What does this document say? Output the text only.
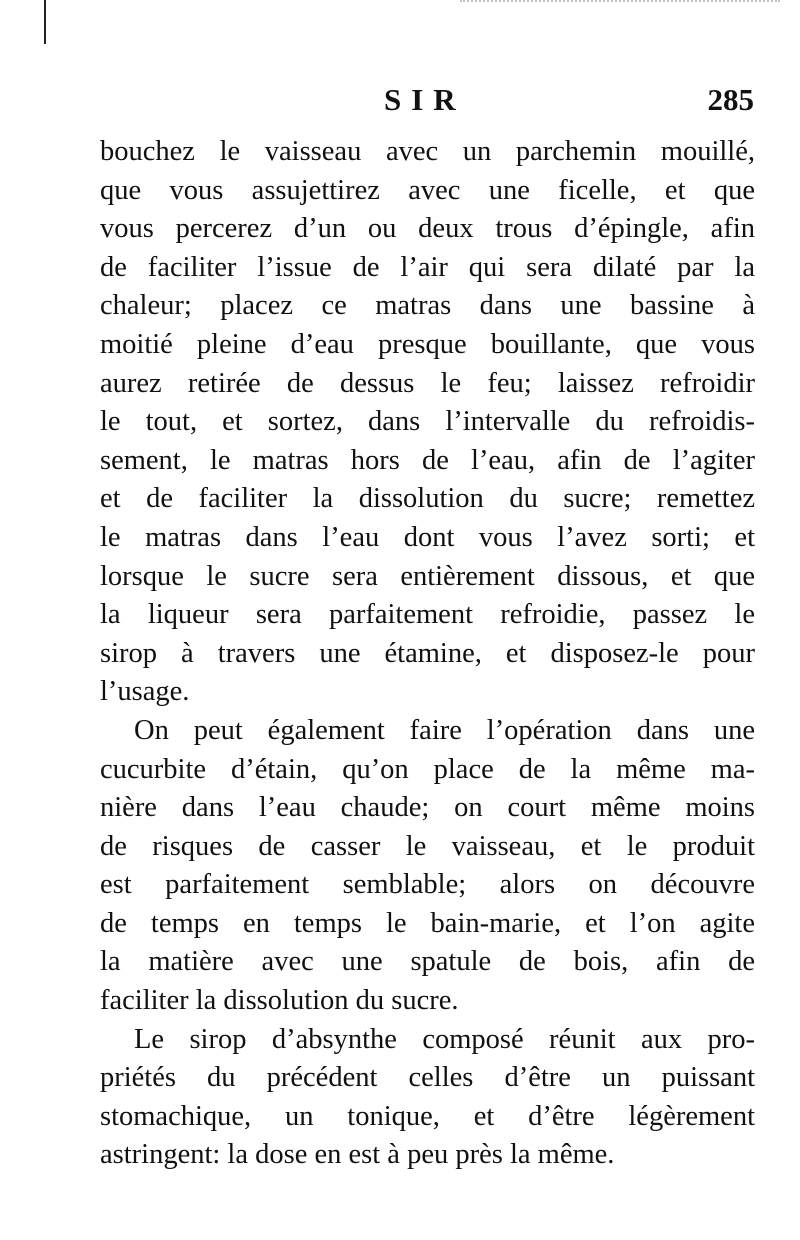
SIR	285
bouchez le vaisseau avec un parchemin mouillé,
que vous assujettirez avec une ficelle, et que
vous percerez d’un ou deux trous d’épingle, afin
de faciliter l’issue de l’air qui sera dilaté par la
chaleur; placez ce matras dans une bassine à
moitié pleine d’eau presque bouillante, que vous
aurez retirée de dessus le feu; laissez refroidir
le tout, et sortez, dans l’intervalle du refroidis-
sement, le matras hors de l’eau, afin de l’agiter
et de faciliter la dissolution du sucre; remettez
le matras dans l’eau dont vous l’avez sorti; et
lorsque le sucre sera entièrement dissous, et que
la liqueur sera parfaitement refroidie, passez le
sirop à travers une étamine, et disposez-le pour
l’usage.
On peut également faire l’opération dans une
cucurbite d’étain, qu’on place de la même ma-
nière dans l’eau chaude; on court même moins
de risques de casser le vaisseau, et le produit
est parfaitement semblable; alors on découvre
de temps en temps le bain-marie, et l’on agite
la matière avec une spatule de bois, afin de
faciliter la dissolution du sucre.
Le sirop d’absynthe composé réunit aux pro-
priétés du précédent celles d’être un puissant
stomachique, un tonique, et d’être légèrement
astringent: la dose en est à peu près la même.
